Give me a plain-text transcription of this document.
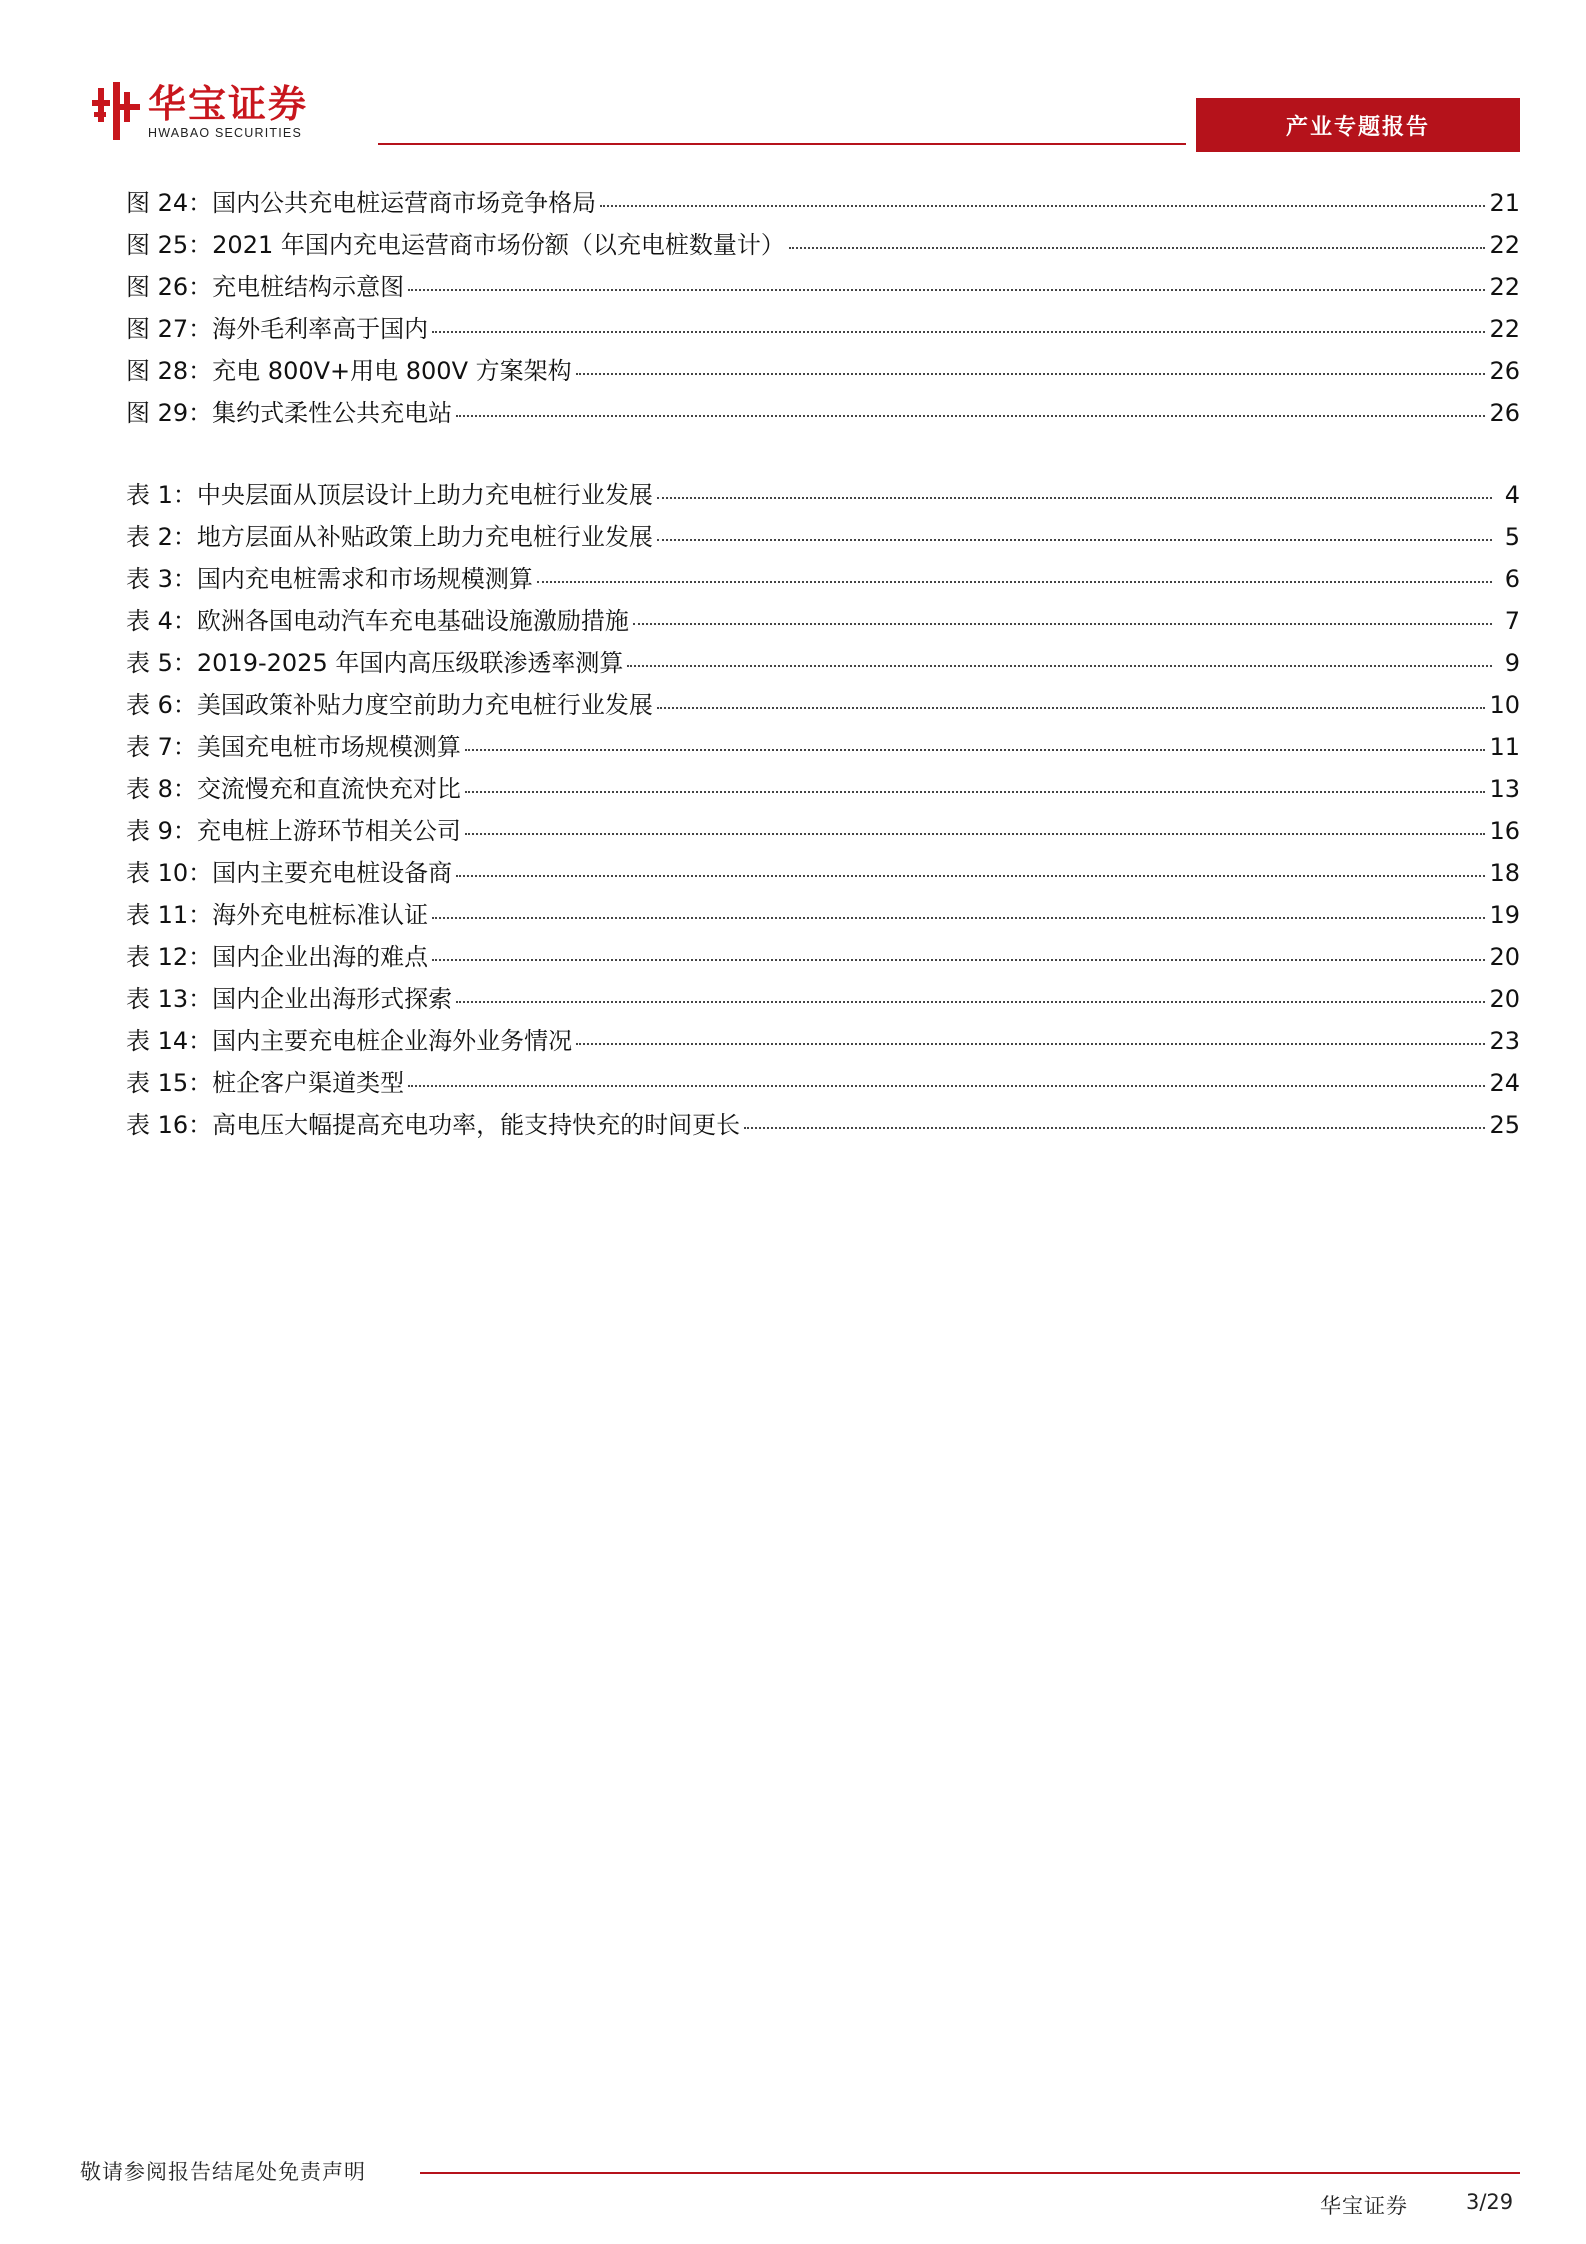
华宝证券
HWABAO SECURITIES	产业专题报告
图 24：国内公共充电桩运营商市场竞争格局	21
图 25：2021 年国内充电运营商市场份额（以充电桩数量计）	22
图 26：充电桩结构示意图	22
图 27：海外毛利率高于国内	22
图 28：充电 800V+用电 800V 方案架构	26
图 29：集约式柔性公共充电站	26
表 1：中央层面从顶层设计上助力充电桩行业发展	4
表 2：地方层面从补贴政策上助力充电桩行业发展	5
表 3：国内充电桩需求和市场规模测算	6
表 4：欧洲各国电动汽车充电基础设施激励措施	7
表 5：2019-2025 年国内高压级联渗透率测算	9
表 6：美国政策补贴力度空前助力充电桩行业发展	10
表 7：美国充电桩市场规模测算	11
表 8：交流慢充和直流快充对比	13
表 9：充电桩上游环节相关公司	16
表 10：国内主要充电桩设备商	18
表 11：海外充电桩标准认证	19
表 12：国内企业出海的难点	20
表 13：国内企业出海形式探索	20
表 14：国内主要充电桩企业海外业务情况	23
表 15：桩企客户渠道类型	24
表 16：高电压大幅提高充电功率，能支持快充的时间更长	25
敬请参阅报告结尾处免责声明
华宝证券	3/29
